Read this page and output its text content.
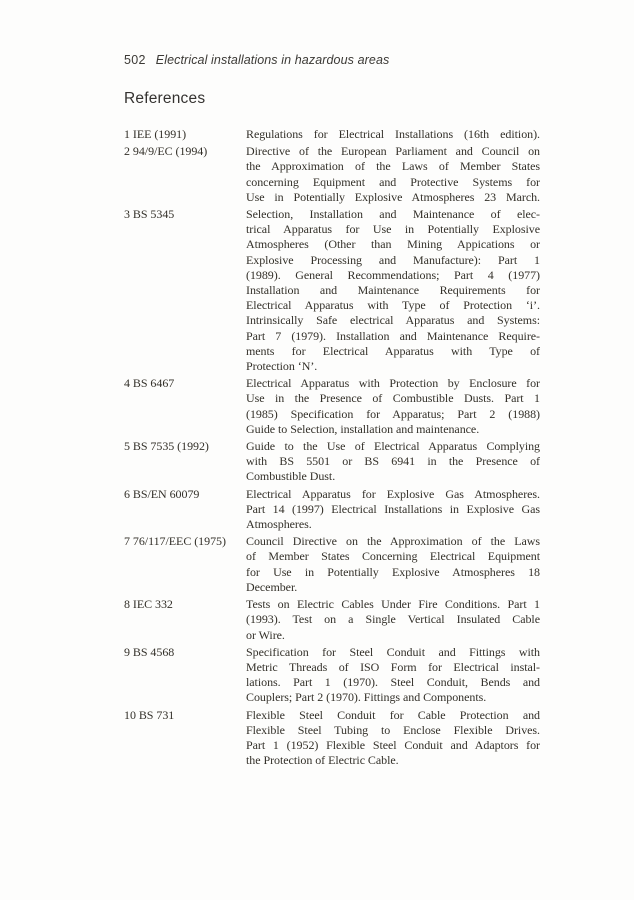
502 Electrical installations in hazardous areas
References
1 IEE (1991)	Regulations for Electrical Installations (16th edition).
2 94/9/EC (1994)	Directive of the European Parliament and Council on
the Approximation of the Laws of Member States
concerning Equipment and Protective Systems for
Use in Potentially Explosive Atmospheres 23 March.
3 BS 5345	Selection, Installation and Maintenance of elec-
trical Apparatus for Use in Potentially Explosive
Atmospheres (Other than Mining Appications or
Explosive Processing and Manufacture): Part 1
(1989). General Recommendations; Part 4 (1977)
Installation and Maintenance Requirements for
Electrical Apparatus with Type of Protection ‘i’.
Intrinsically Safe electrical Apparatus and Systems:
Part 7 (1979). Installation and Maintenance Require-
ments for Electrical Apparatus with Type of
Protection ‘N’.
4 BS 6467	Electrical Apparatus with Protection by Enclosure for
Use in the Presence of Combustible Dusts. Part 1
(1985) Specification for Apparatus; Part 2 (1988)
Guide to Selection, installation and maintenance.
5 BS 7535 (1992)	Guide to the Use of Electrical Apparatus Complying
with BS 5501 or BS 6941 in the Presence of
Combustible Dust.
6 BS/EN 60079	Electrical Apparatus for Explosive Gas Atmospheres.
Part 14 (1997) Electrical Installations in Explosive Gas
Atmospheres.
7 76/117/EEC (1975)	Council Directive on the Approximation of the Laws
of Member States Concerning Electrical Equipment
for Use in Potentially Explosive Atmospheres 18
December.
8 IEC 332	Tests on Electric Cables Under Fire Conditions. Part 1
(1993). Test on a Single Vertical Insulated Cable
or Wire.
9 BS 4568	Specification for Steel Conduit and Fittings with
Metric Threads of ISO Form for Electrical instal-
lations. Part 1 (1970). Steel Conduit, Bends and
Couplers; Part 2 (1970). Fittings and Components.
10 BS 731	Flexible Steel Conduit for Cable Protection and
Flexible Steel Tubing to Enclose Flexible Drives.
Part 1 (1952) Flexible Steel Conduit and Adaptors for
the Protection of Electric Cable.
